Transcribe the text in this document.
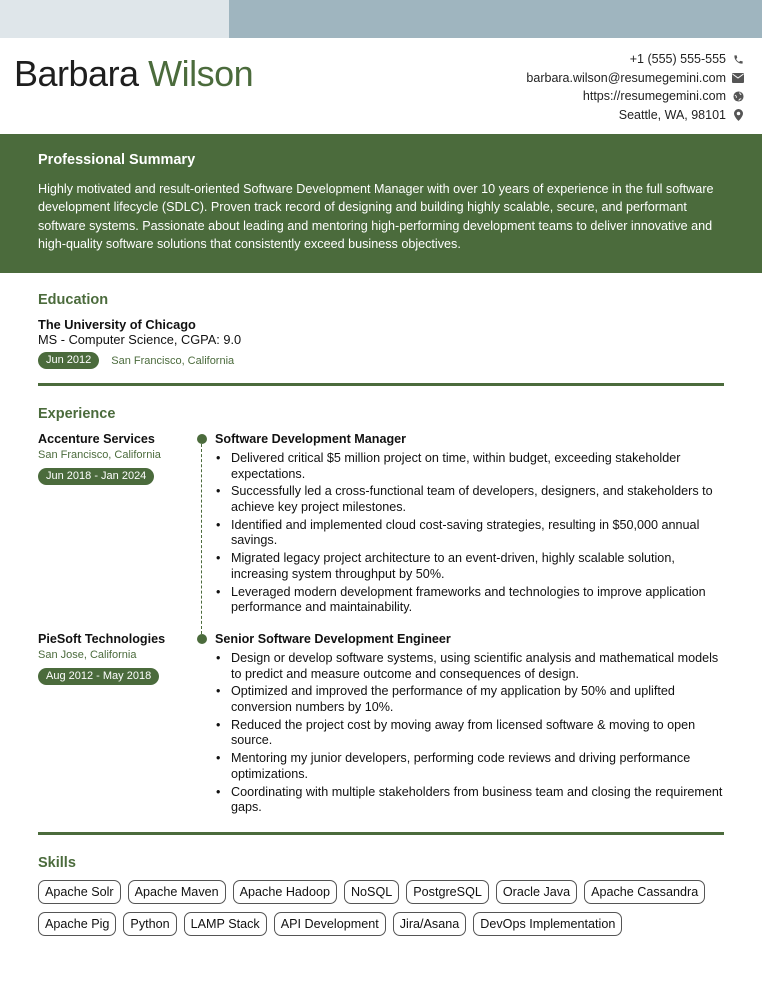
Barbara Wilson	+1 (555) 555-555
barbara.wilson@resumegemini.com
https://resumegemini.com
Seattle, WA, 98101
Professional Summary
Highly motivated and result-oriented Software Development Manager with over 10 years of experience in the full software development lifecycle (SDLC). Proven track record of designing and building highly scalable, secure, and performant software systems. Passionate about leading and mentoring high-performing development teams to deliver innovative and high-quality software solutions that consistently exceed business objectives.
Education
The University of Chicago
MS - Computer Science, CGPA: 9.0
Jun 2012	San Francisco, California
Experience
Accenture Services
San Francisco, California
Jun 2018 - Jan 2024
Software Development Manager
• Delivered critical $5 million project on time, within budget, exceeding stakeholder expectations.
• Successfully led a cross-functional team of developers, designers, and stakeholders to achieve key project milestones.
• Identified and implemented cloud cost-saving strategies, resulting in $50,000 annual savings.
• Migrated legacy project architecture to an event-driven, highly scalable solution, increasing system throughput by 50%.
• Leveraged modern development frameworks and technologies to improve application performance and maintainability.
PieSoft Technologies
San Jose, California
Aug 2012 - May 2018
Senior Software Development Engineer
• Design or develop software systems, using scientific analysis and mathematical models to predict and measure outcome and consequences of design.
• Optimized and improved the performance of my application by 50% and uplifted conversion numbers by 10%.
• Reduced the project cost by moving away from licensed software & moving to open source.
• Mentoring my junior developers, performing code reviews and driving performance optimizations.
• Coordinating with multiple stakeholders from business team and closing the requirement gaps.
Skills
Apache Solr	Apache Maven	Apache Hadoop	NoSQL	PostgreSQL	Oracle Java	Apache Cassandra
Apache Pig	Python	LAMP Stack	API Development	Jira/Asana	DevOps Implementation
